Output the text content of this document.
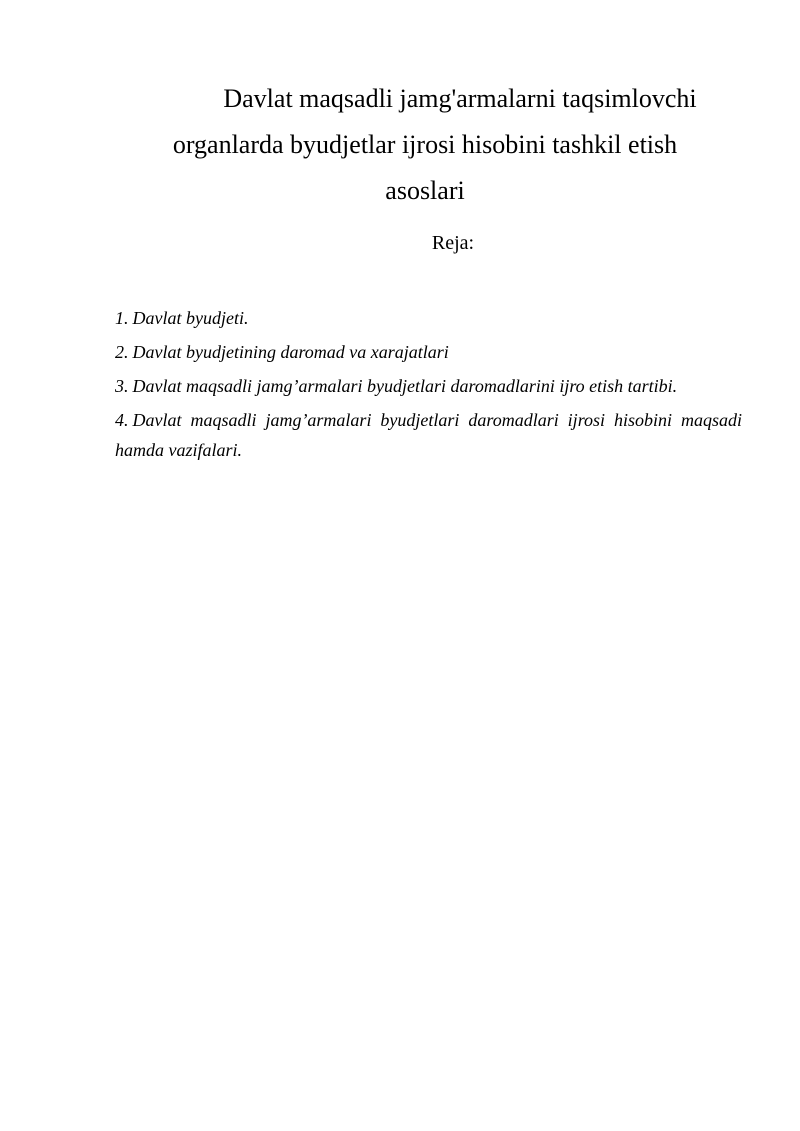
Davlat maqsadli jamg'armalarni taqsimlovchi
organlarda byudjetlar ijrosi hisobini tashkil etish
asoslari

Reja:

1. Davlat byudjeti.
2. Davlat byudjetining daromad va xarajatlari
3. Davlat maqsadli jamg’armalari byudjetlari daromadlarini ijro etish tartibi.
4. Davlat maqsadli jamg’armalari byudjetlari daromadlari ijrosi hisobini maqsadi hamda vazifalari.
